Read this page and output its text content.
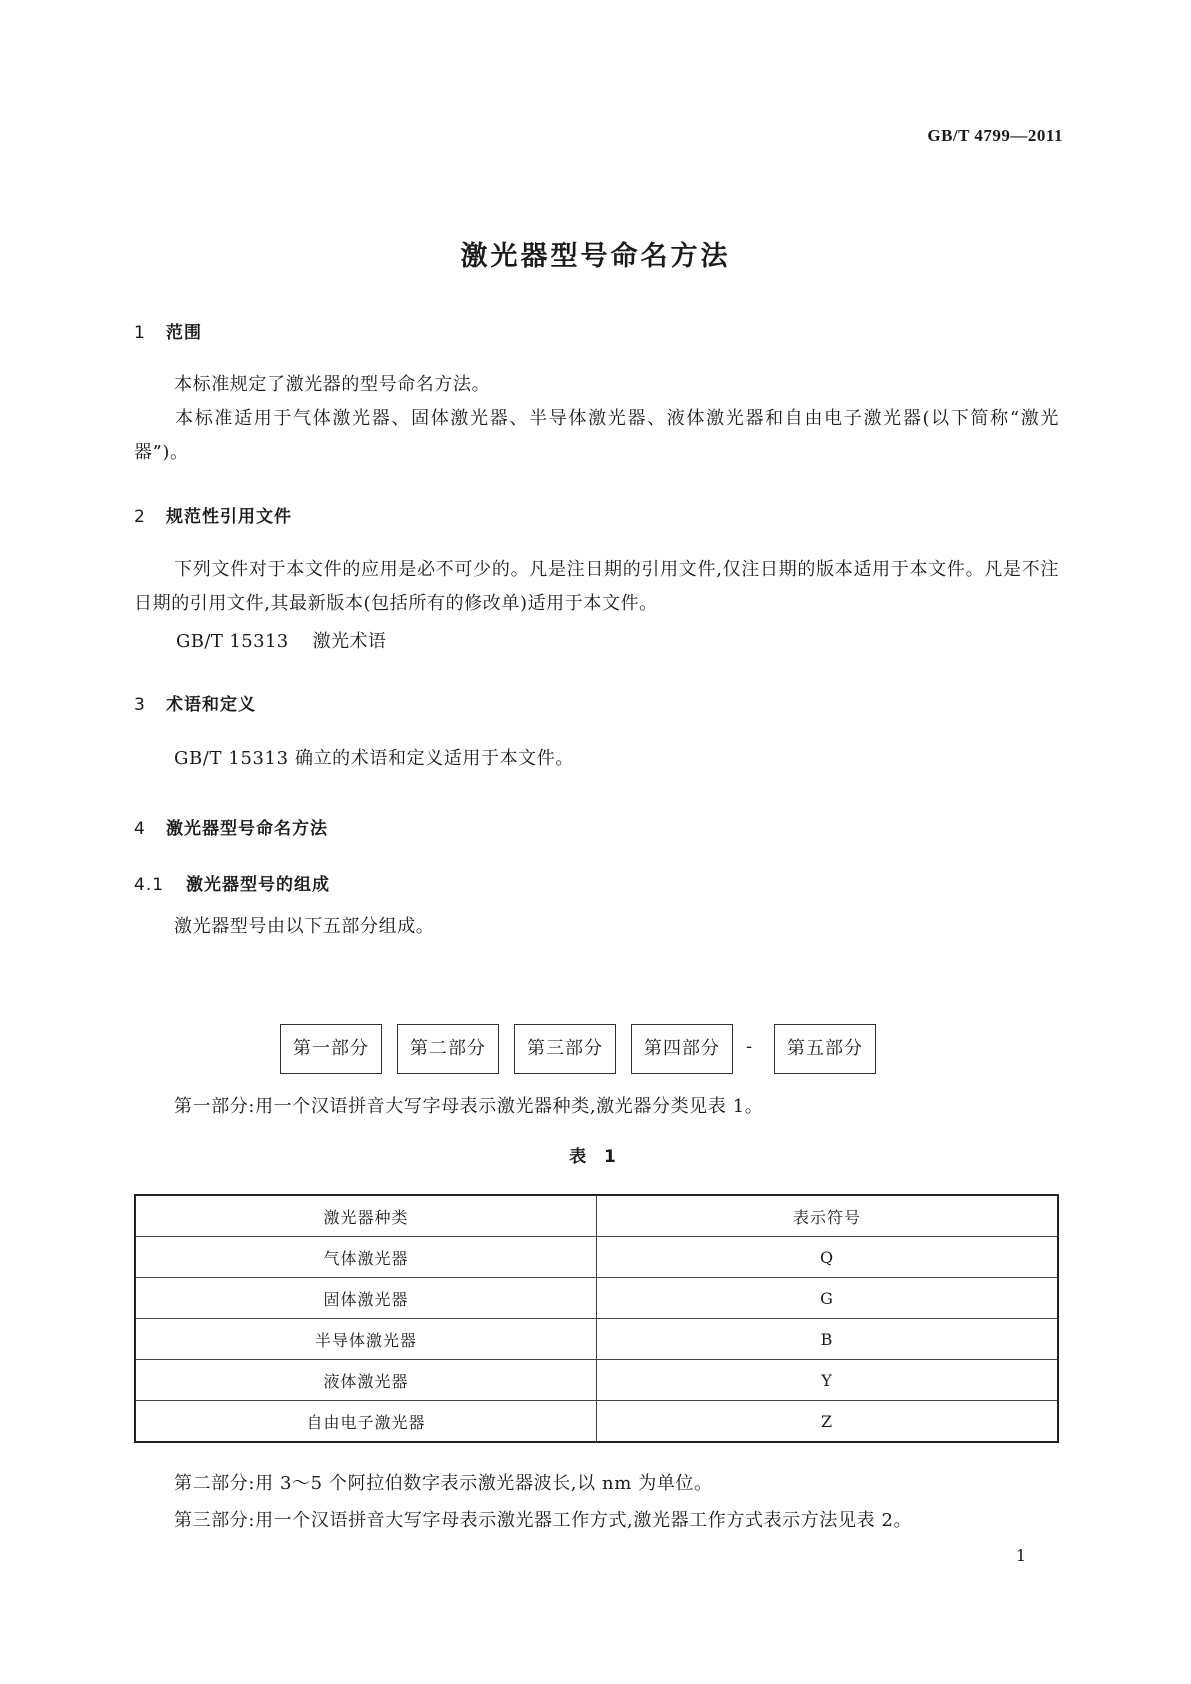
GB/T 4799—2011
激光器型号命名方法
1 范围
本标准规定了激光器的型号命名方法。
本标准适用于气体激光器、固体激光器、半导体激光器、液体激光器和自由电子激光器(以下简称“激光器”)。
2 规范性引用文件
下列文件对于本文件的应用是必不可少的。凡是注日期的引用文件,仅注日期的版本适用于本文件。凡是不注日期的引用文件,其最新版本(包括所有的修改单)适用于本文件。
GB/T 15313 激光术语
3 术语和定义
GB/T 15313 确立的术语和定义适用于本文件。
4 激光器型号命名方法
4.1 激光器型号的组成
激光器型号由以下五部分组成。
第一部分	第二部分	第三部分	第四部分	-	第五部分
第一部分:用一个汉语拼音大写字母表示激光器种类,激光器分类见表 1。
表 1
激光器种类	表示符号
气体激光器	Q
固体激光器	G
半导体激光器	B
液体激光器	Y
自由电子激光器	Z
第二部分:用 3～5 个阿拉伯数字表示激光器波长,以 nm 为单位。
第三部分:用一个汉语拼音大写字母表示激光器工作方式,激光器工作方式表示方法见表 2。
1
